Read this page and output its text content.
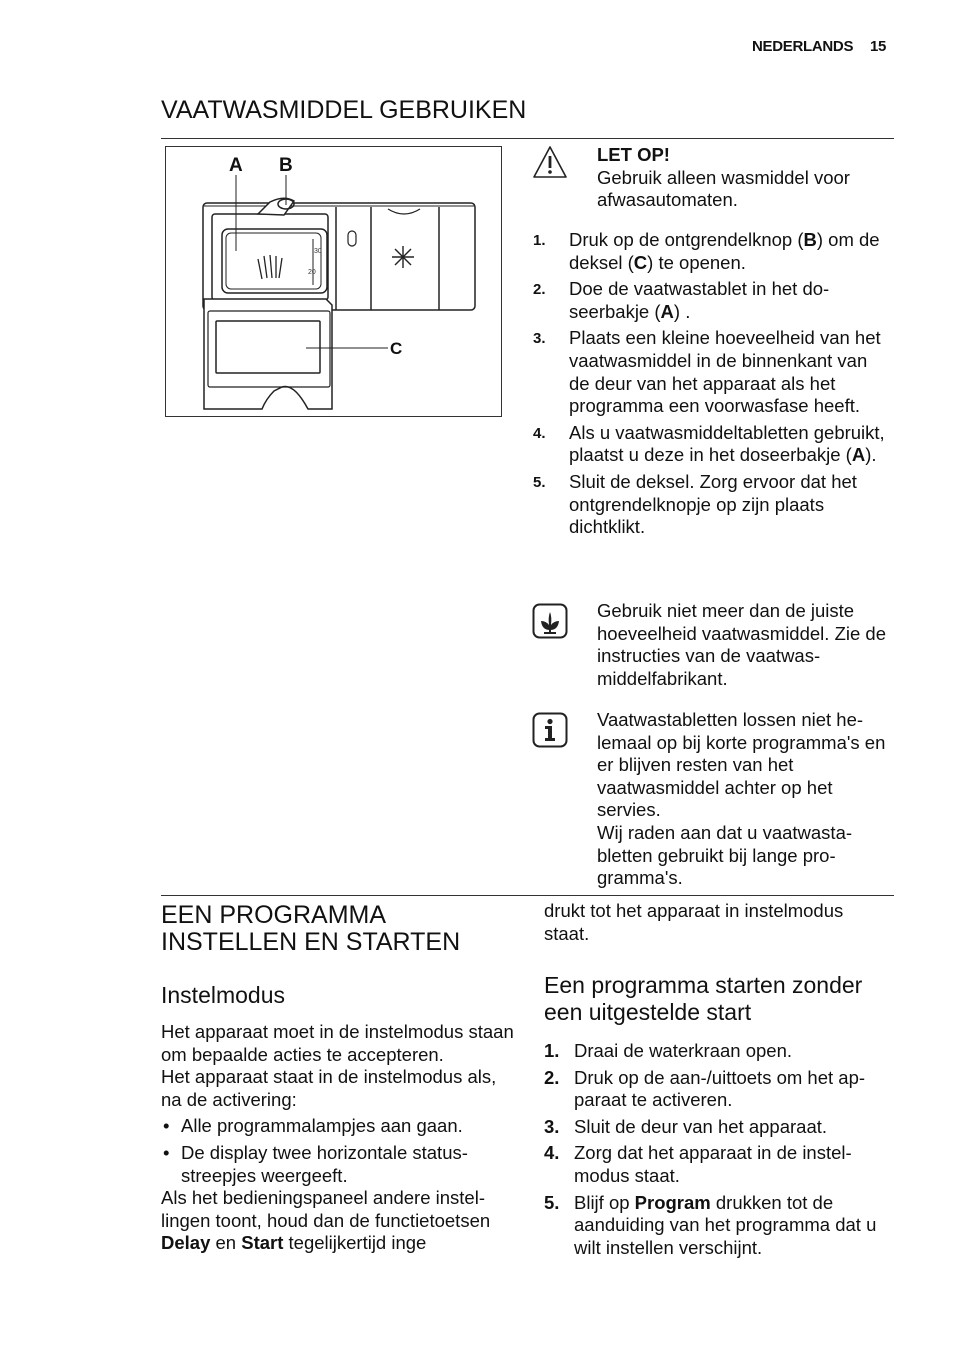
NEDERLANDS 15
VAATWASMIDDEL GEBRUIKEN
A B
C
30
20
LET OP!
Gebruik alleen wasmiddel voor afwasautomaten.
1. Druk op de ontgrendelknop (B) om de deksel (C) te openen.
2. Doe de vaatwastablet in het doseerbakje (A) .
3. Plaats een kleine hoeveelheid van het vaatwasmiddel in de binnenkant van de deur van het apparaat als het programma een voorwasfase heeft.
4. Als u vaatwasmiddeltabletten gebruikt, plaatst u deze in het doseerbakje (A).
5. Sluit de deksel. Zorg ervoor dat het ontgrendelknopje op zijn plaats dichtklikt.
Gebruik niet meer dan de juiste hoeveelheid vaatwasmiddel. Zie de instructies van de vaatwasmiddelfabrikant.
Vaatwastabletten lossen niet helemaal op bij korte programma's en er blijven resten van het vaatwasmiddel achter op het servies.
Wij raden aan dat u vaatwastabletten gebruikt bij lange programma's.
EEN PROGRAMMA INSTELLEN EN STARTEN
Instelmodus
Het apparaat moet in de instelmodus staan om bepaalde acties te accepteren.
Het apparaat staat in de instelmodus als, na de activering:
• Alle programmalampjes aan gaan.
• De display twee horizontale statusstreepjes weergeeft.
Als het bedieningspaneel andere instellingen toont, houd dan de functietoetsen Delay en Start tegelijkertijd inge
drukt tot het apparaat in instelmodus staat.
Een programma starten zonder een uitgestelde start
1. Draai de waterkraan open.
2. Druk op de aan-/uittoets om het apparaat te activeren.
3. Sluit de deur van het apparaat.
4. Zorg dat het apparaat in de instelmodus staat.
5. Blijf op Program drukken tot de aanduiding van het programma dat u wilt instellen verschijnt.
